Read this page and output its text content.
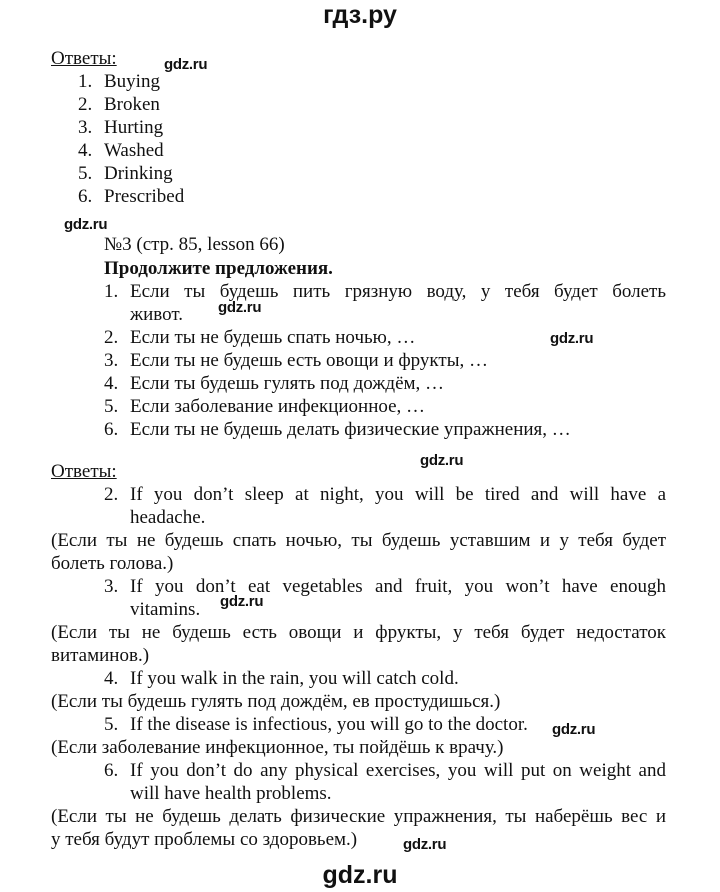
гдз.ру
Ответы:
1. Buying
2. Broken
3. Hurting
4. Washed
5. Drinking
6. Prescribed
№3 (стр. 85, lesson 66)
Продолжите предложения.
1. Если ты будешь пить грязную воду, у тебя будет болеть
живот.
2. Если ты не будешь спать ночью, …
3. Если ты не будешь есть овощи и фрукты, …
4. Если ты будешь гулять под дождём, …
5. Если заболевание инфекционное, …
6. Если ты не будешь делать физические упражнения, …
Ответы:
2. If you don’t sleep at night, you will be tired and will have a
headache.
(Если ты не будешь спать ночью, ты будешь уставшим и у тебя будет
болеть голова.)
3. If you don’t eat vegetables and fruit, you won’t have enough
vitamins.
(Если ты не будешь есть овощи и фрукты, у тебя будет недостаток
витаминов.)
4. If you walk in the rain, you will catch cold.
(Если ты будешь гулять под дождём, ев простудишься.)
5. If the disease is infectious, you will go to the doctor.
(Если заболевание инфекционное, ты пойдёшь к врачу.)
6. If you don’t do any physical exercises, you will put on weight and
will have health problems.
(Если ты не будешь делать физические упражнения, ты наберёшь вес и
у тебя будут проблемы со здоровьем.)
gdz.ru
gdz.ru
gdz.ru
gdz.ru
gdz.ru
gdz.ru
gdz.ru
gdz.ru
gdz.ru
